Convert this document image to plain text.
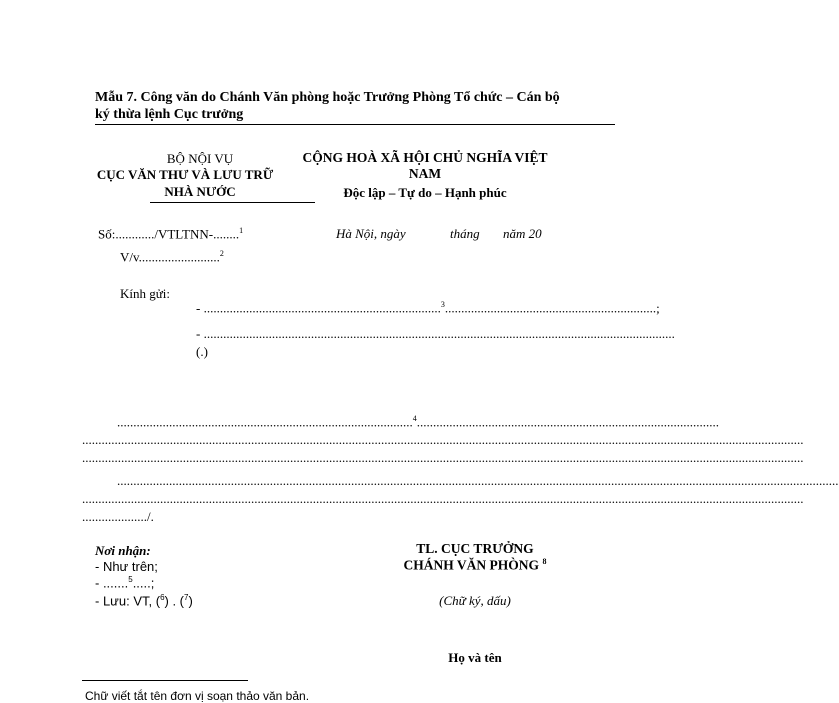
Mẫu 7. Công văn do Chánh Văn phòng hoặc Trưởng Phòng Tổ chức – Cán bộ
ký thừa lệnh Cục trưởng
BỘ NỘI VỤ
CỤC VĂN THƯ VÀ LƯU TRỮ
NHÀ NƯỚC
CỘNG HOÀ XÃ HỘI CHỦ NGHĨA VIỆT
NAM
Độc lập – Tự do – Hạnh phúc
Số:............/VTLTNN-........$^1$
V/v.........................$^2$
Hà Nội, ngày	tháng năm 20
Kính gửi:
- .........................................................................$^3$.................................................................;
- .................................................................................................................................................
(.)
...........................................................................................$^4$.............................................................................................
..............................................................................................................................................................................................................................
..............................................................................................................................................................................................................................
..............................................................................................................................................................................................................................
..............................................................................................................................................................................................................................
..................../.
Nơi nhận:
- Như trên;
- .......$^5$.....;
- Lưu: VT, ($^6$) . ($^7$)
TL. CỤC TRƯỞNG
CHÁNH VĂN PHÒNG $^8$
(Chữ ký, dấu)
Họ và tên
Chữ viết tắt tên đơn vị soạn thảo văn bản.
